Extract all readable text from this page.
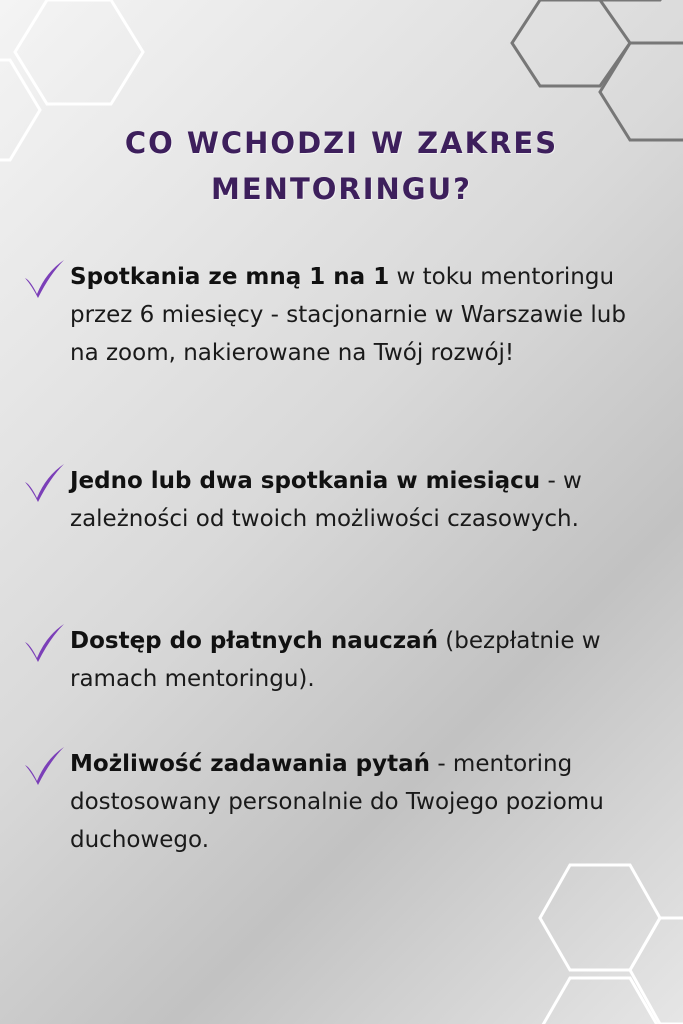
CO WCHODZI W ZAKRES
MENTORINGU?
Spotkania ze mną 1 na 1 w toku mentoringu przez 6 miesięcy - stacjonarnie w Warszawie lub na zoom, nakierowane na Twój rozwój!
Jedno lub dwa spotkania w miesiącu - w zależności od twoich możliwości czasowych.
Dostęp do płatnych nauczań (bezpłatnie w ramach mentoringu).
Możliwość zadawania pytań - mentoring dostosowany personalnie do Twojego poziomu duchowego.
